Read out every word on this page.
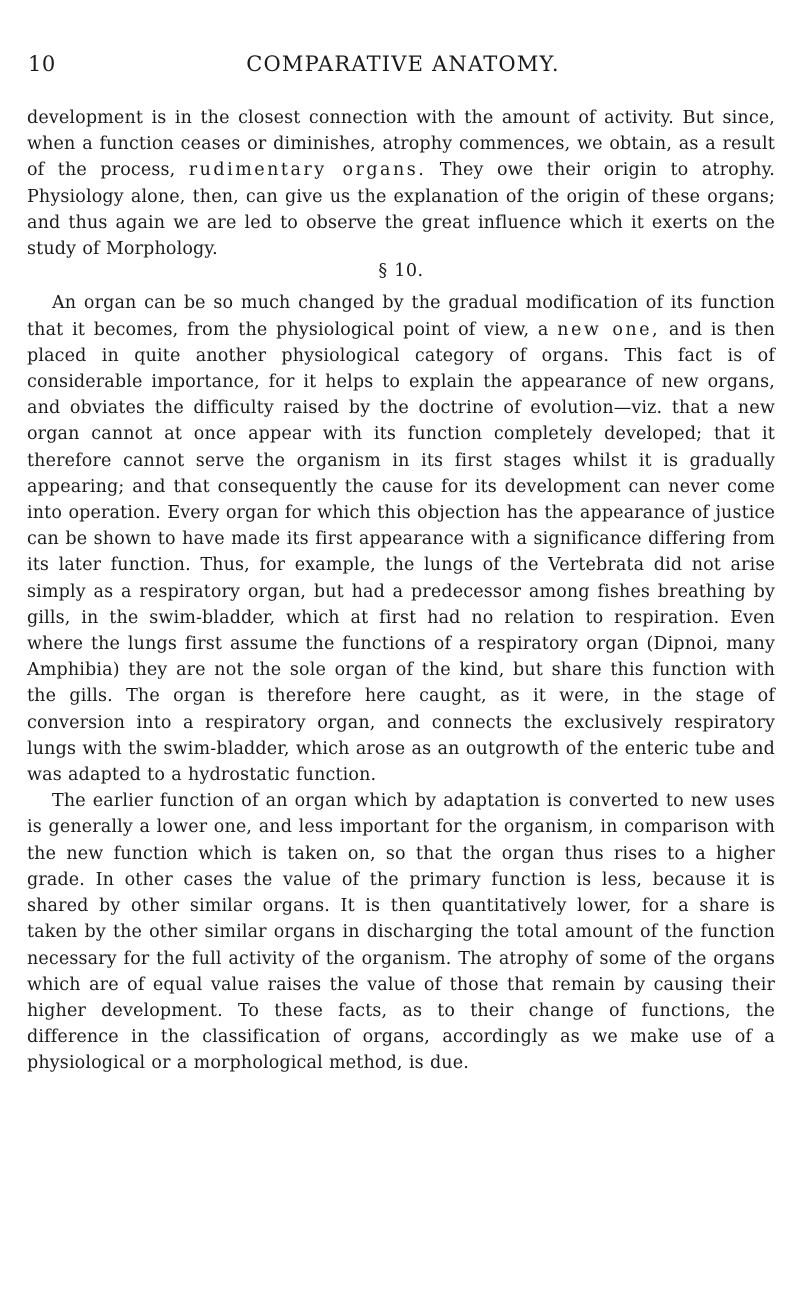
10	COMPARATIVE ANATOMY.

development is in the closest connection with the amount of activity. But since, when a function ceases or diminishes, atrophy commences, we obtain, as a result of the process, rudimentary organs. They owe their origin to atrophy. Physiology alone, then, can give us the explanation of the origin of these organs; and thus again we are led to observe the great influence which it exerts on the study of Morphology.

§ 10.

An organ can be so much changed by the gradual modification of its function that it becomes, from the physiological point of view, a new one, and is then placed in quite another physiological category of organs. This fact is of considerable importance, for it helps to explain the appearance of new organs, and obviates the difficulty raised by the doctrine of evolution—viz. that a new organ cannot at once appear with its function completely developed; that it therefore cannot serve the organism in its first stages whilst it is gradually appearing; and that consequently the cause for its development can never come into operation. Every organ for which this objection has the appearance of justice can be shown to have made its first appearance with a significance differing from its later function. Thus, for example, the lungs of the Vertebrata did not arise simply as a respiratory organ, but had a predecessor among fishes breathing by gills, in the swim-bladder, which at first had no relation to respiration. Even where the lungs first assume the functions of a respiratory organ (Dipnoi, many Amphibia) they are not the sole organ of the kind, but share this function with the gills. The organ is therefore here caught, as it were, in the stage of conversion into a respiratory organ, and connects the exclusively respiratory lungs with the swim-bladder, which arose as an outgrowth of the enteric tube and was adapted to a hydrostatic function.

The earlier function of an organ which by adaptation is converted to new uses is generally a lower one, and less important for the organism, in comparison with the new function which is taken on, so that the organ thus rises to a higher grade. In other cases the value of the primary function is less, because it is shared by other similar organs. It is then quantitatively lower, for a share is taken by the other similar organs in discharging the total amount of the function necessary for the full activity of the organism. The atrophy of some of the organs which are of equal value raises the value of those that remain by causing their higher development. To these facts, as to their change of functions, the difference in the classification of organs, accordingly as we make use of a physiological or a morphological method, is due.
